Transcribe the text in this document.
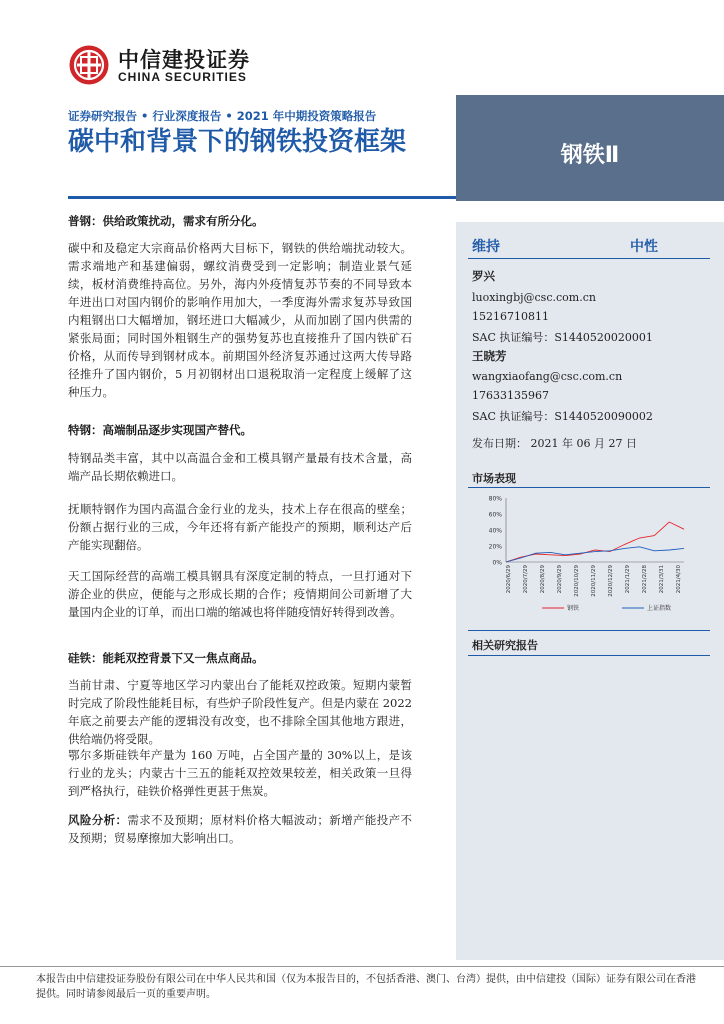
中信建投证券
CHINA SECURITIES
证券研究报告 • 行业深度报告 • 2021 年中期投资策略报告
碳中和背景下的钢铁投资框架	钢铁Ⅱ
维持	中性
罗兴
luoxingbj@csc.com.cn
15216710811
SAC 执证编号：S1440520020001
王晓芳
wangxiaofang@csc.com.cn
17633135967
SAC 执证编号：S1440520090002
发布日期： 2021 年 06 月 27 日
市场表现
80%
60%
40%
20%
0%
2020/6/29 2020/7/29 2020/8/29 2020/9/29 2020/10/29 2020/11/29 2020/12/29 2021/1/29 2021/2/28 2021/3/31 2021/4/30
钢铁	上证指数
相关研究报告
普钢：供给政策扰动，需求有所分化。
碳中和及稳定大宗商品价格两大目标下，钢铁的供给端扰动较大。需求端地产和基建偏弱，螺纹消费受到一定影响；制造业景气延续，板材消费维持高位。另外，海内外疫情复苏节奏的不同导致本年进出口对国内钢价的影响作用加大，一季度海外需求复苏导致国内粗钢出口大幅增加，钢坯进口大幅减少，从而加剧了国内供需的紧张局面；同时国外粗钢生产的强势复苏也直接推升了国内铁矿石价格，从而传导到钢材成本。前期国外经济复苏通过这两大传导路径推升了国内钢价，5 月初钢材出口退税取消一定程度上缓解了这种压力。
特钢：高端制品逐步实现国产替代。
特钢品类丰富，其中以高温合金和工模具钢产量最有技术含量，高端产品长期依赖进口。
抚顺特钢作为国内高温合金行业的龙头，技术上存在很高的壁垒；份额占据行业的三成，今年还将有新产能投产的预期，顺利达产后产能实现翻倍。
天工国际经营的高端工模具钢具有深度定制的特点，一旦打通对下游企业的供应，便能与之形成长期的合作；疫情期间公司新增了大量国内企业的订单，而出口端的缩减也将伴随疫情好转得到改善。
硅铁：能耗双控背景下又一焦点商品。
当前甘肃、宁夏等地区学习内蒙出台了能耗双控政策。短期内蒙暂时完成了阶段性能耗目标，有些炉子阶段性复产。但是内蒙在 2022 年底之前要去产能的逻辑没有改变，也不排除全国其他地方跟进，供给端仍将受限。
鄂尔多斯硅铁年产量为 160 万吨，占全国产量的 30%以上，是该行业的龙头；内蒙古十三五的能耗双控效果较差，相关政策一旦得到严格执行，硅铁价格弹性更甚于焦炭。
风险分析：需求不及预期；原材料价格大幅波动；新增产能投产不及预期；贸易摩擦加大影响出口。
本报告由中信建投证券股份有限公司在中华人民共和国（仅为本报告目的，不包括香港、澳门、台湾）提供，由中信建投（国际）证券有限公司在香港提供。同时请参阅最后一页的重要声明。
